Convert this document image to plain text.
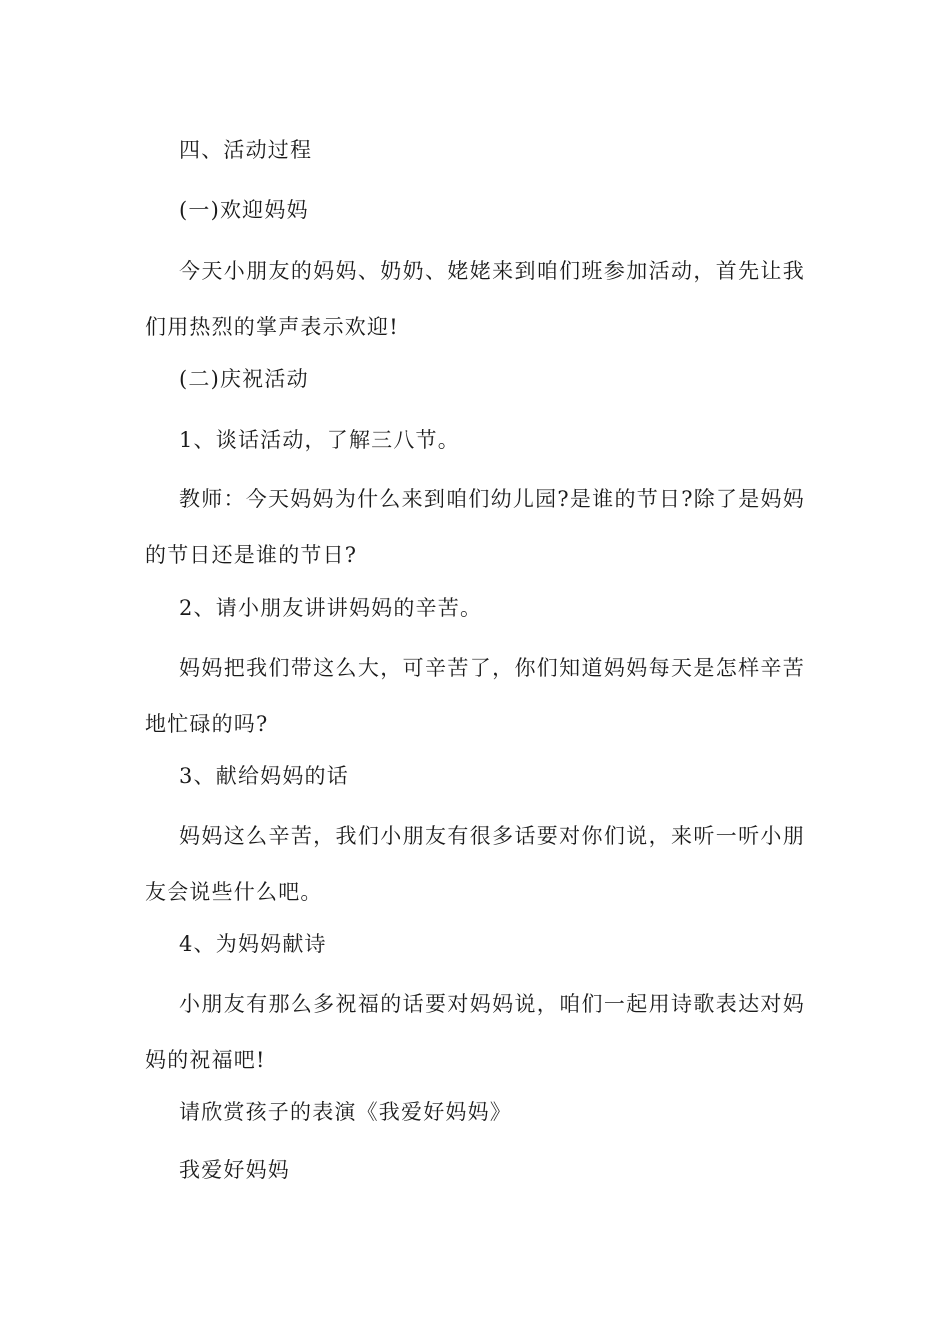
四、活动过程

(一)欢迎妈妈

今天小朋友的妈妈、奶奶、姥姥来到咱们班参加活动，首先让我们用热烈的掌声表示欢迎!

(二)庆祝活动

1、谈话活动，了解三八节。

教师：今天妈妈为什么来到咱们幼儿园?是谁的节日?除了是妈妈的节日还是谁的节日?

2、请小朋友讲讲妈妈的辛苦。

妈妈把我们带这么大，可辛苦了，你们知道妈妈每天是怎样辛苦地忙碌的吗?

3、献给妈妈的话

妈妈这么辛苦，我们小朋友有很多话要对你们说，来听一听小朋友会说些什么吧。

4、为妈妈献诗

小朋友有那么多祝福的话要对妈妈说，咱们一起用诗歌表达对妈妈的祝福吧!

请欣赏孩子的表演《我爱好妈妈》

我爱好妈妈
